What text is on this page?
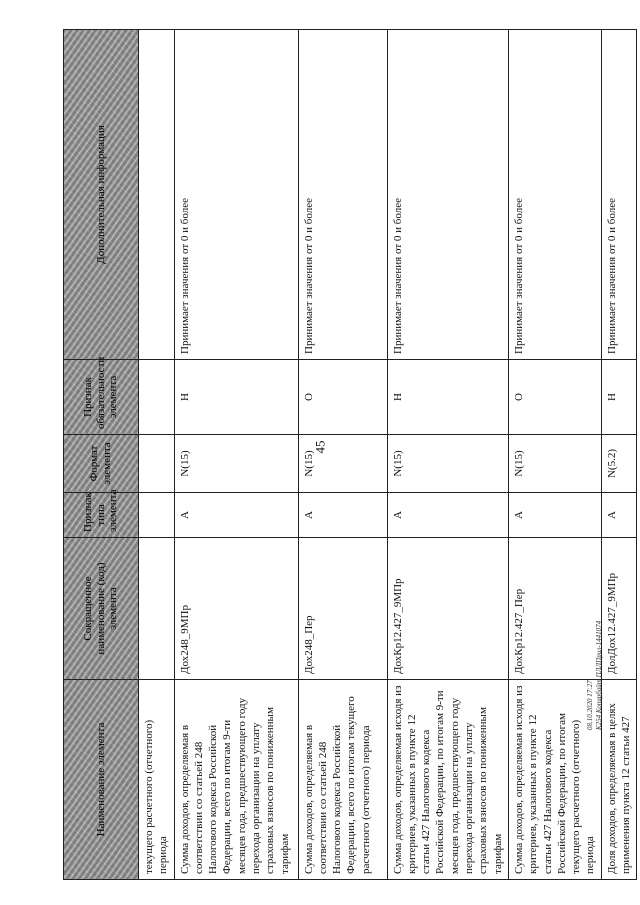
45
Наименование элемента	Сокращенное наименование (код) элемента	Признак типа элемента	Формат элемента	Признак обязательности элемента	Дополнительная информация
текущего расчетного (отчетного) периода					
Сумма доходов, определяемая в соответствии со статьей 248 Налогового кодекса Российской Федерации, всего по итогам 9-ти месяцев года, предшествующего году перехода организации на уплату страховых взносов по пониженным тарифам	Дох248_9МПр	А	N(15)	Н	Принимает значения от 0 и более
Сумма доходов, определяемая в соответствии со статьей 248 Налогового кодекса Российской Федерации, всего по итогам текущего расчетного (отчетного) периода	Дох248_Пер	А	N(15)	О	Принимает значения от 0 и более
Сумма доходов, определяемая исходя из критериев, указанных в пункте 12 статьи 427 Налогового кодекса Российской Федерации, по итогам 9-ти месяцев года, предшествующего году перехода организации на уплату страховых взносов по пониженным тарифам	ДохКр12.427_9МПр	А	N(15)	Н	Принимает значения от 0 и более
Сумма доходов, определяемая исходя из критериев, указанных в пункте 12 статьи 427 Налогового кодекса Российской Федерации, по итогам текущего расчетного (отчетного) периода	ДохКр12.427_Пер	А	N(15)	О	Принимает значения от 0 и более
Доля доходов, определяемая в целях применения пункта 12 статьи 427	ДолДох12.427_9МПр	А	N(5.2)	Н	Принимает значения от 0 и более
08.10.2020 17:27 К254 Копирбайт ПЛЛПрил-1441074
